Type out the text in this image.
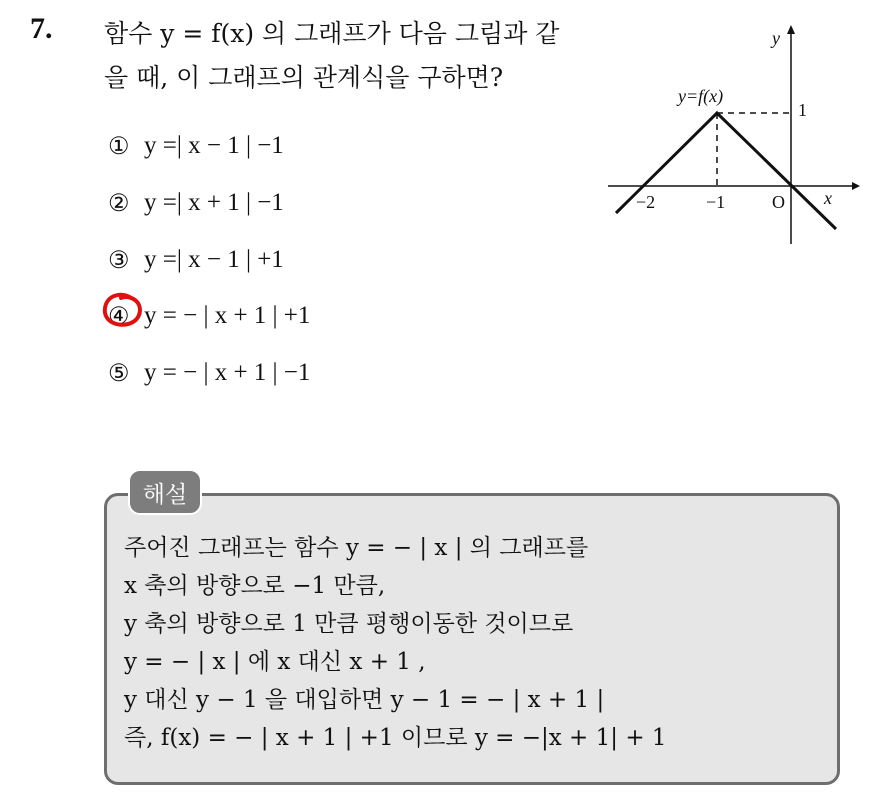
7. 함수 y = f(x) 의 그래프가 다음 그림과 같
을 때, 이 그래프의 관계식을 구하면?
① y =| x − 1 | −1
② y =| x + 1 | −1
③ y =| x − 1 | +1
④ y = − | x + 1 | +1
⑤ y = − | x + 1 | −1
y=f(x)
y
x
1
−2	−1	O
해설
주어진 그래프는 함수 y = − | x | 의 그래프를
x 축의 방향으로 −1 만큼,
y 축의 방향으로 1 만큼 평행이동한 것이므로
y = − | x | 에 x 대신 x + 1 ,
y 대신 y − 1 을 대입하면 y − 1 = − | x + 1 |
즉, f(x) = − | x + 1 | +1 이므로 y = −|x + 1| + 1
